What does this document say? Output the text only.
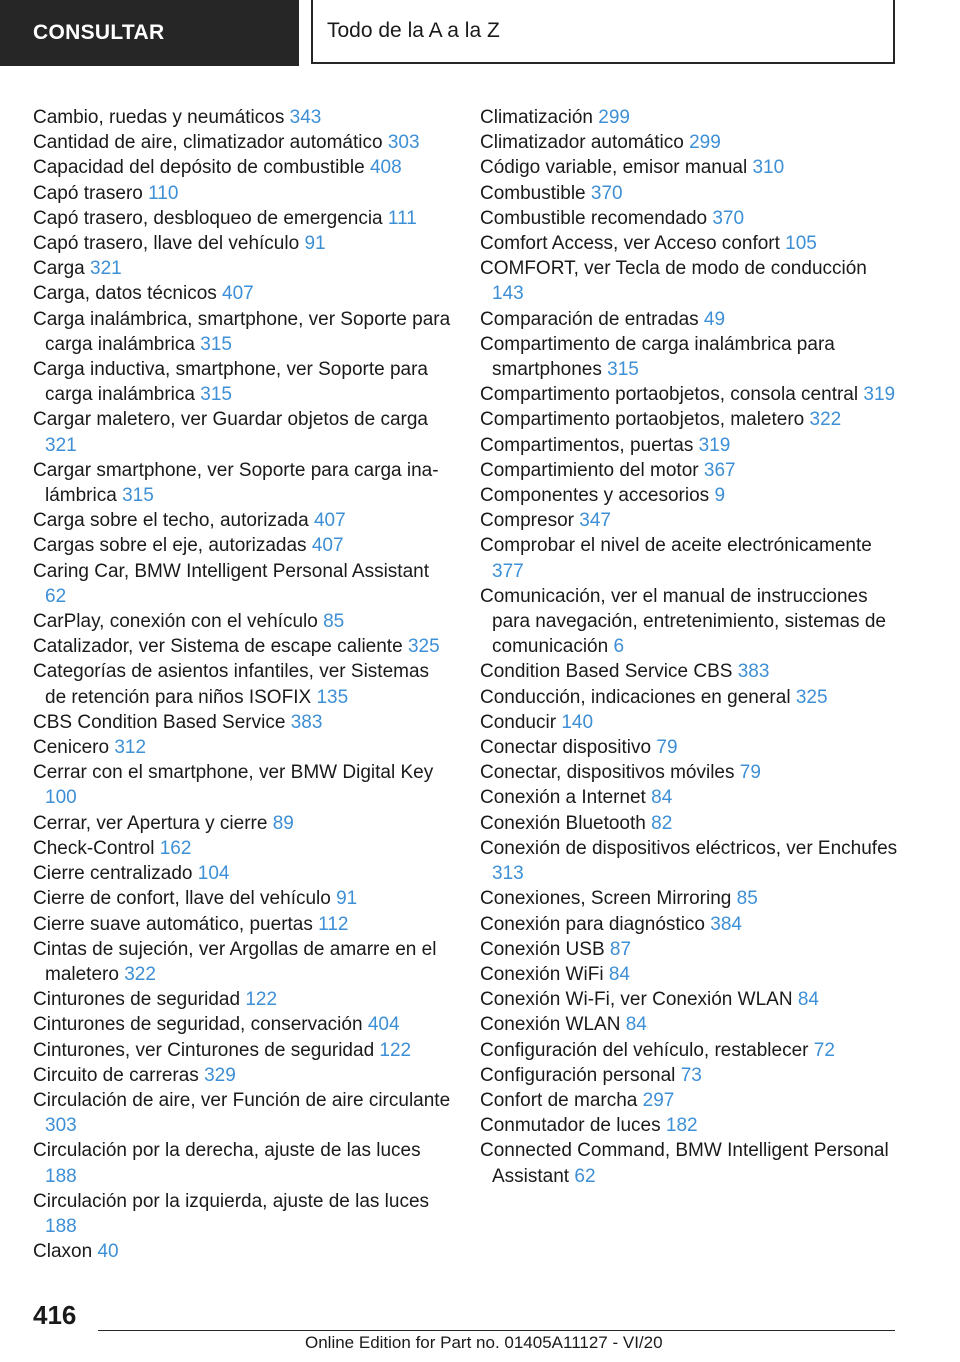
CONSULTAR	Todo de la A a la Z
Cambio, ruedas y neumáticos 343
Cantidad de aire, climatizador automático 303
Capacidad del depósito de combustible 408
Capó trasero 110
Capó trasero, desbloqueo de emergencia 111
Capó trasero, llave del vehículo 91
Carga 321
Carga, datos técnicos 407
Carga inalámbrica, smartphone, ver Soporte para carga inalámbrica 315
Carga inductiva, smartphone, ver Soporte para carga inalámbrica 315
Cargar maletero, ver Guardar objetos de carga 321
Cargar smartphone, ver Soporte para carga inalámbrica 315
Carga sobre el techo, autorizada 407
Cargas sobre el eje, autorizadas 407
Caring Car, BMW Intelligent Personal Assistant 62
CarPlay, conexión con el vehículo 85
Catalizador, ver Sistema de escape caliente 325
Categorías de asientos infantiles, ver Sistemas de retención para niños ISOFIX 135
CBS Condition Based Service 383
Cenicero 312
Cerrar con el smartphone, ver BMW Digital Key 100
Cerrar, ver Apertura y cierre 89
Check-Control 162
Cierre centralizado 104
Cierre de confort, llave del vehículo 91
Cierre suave automático, puertas 112
Cintas de sujeción, ver Argollas de amarre en el maletero 322
Cinturones de seguridad 122
Cinturones de seguridad, conservación 404
Cinturones, ver Cinturones de seguridad 122
Circuito de carreras 329
Circulación de aire, ver Función de aire circulante 303
Circulación por la derecha, ajuste de las luces 188
Circulación por la izquierda, ajuste de las luces 188
Claxon 40
Climatización 299
Climatizador automático 299
Código variable, emisor manual 310
Combustible 370
Combustible recomendado 370
Comfort Access, ver Acceso confort 105
COMFORT, ver Tecla de modo de conducción 143
Comparación de entradas 49
Compartimento de carga inalámbrica para smartphones 315
Compartimento portaobjetos, consola central 319
Compartimento portaobjetos, maletero 322
Compartimentos, puertas 319
Compartimiento del motor 367
Componentes y accesorios 9
Compresor 347
Comprobar el nivel de aceite electrónicamente 377
Comunicación, ver el manual de instrucciones para navegación, entretenimiento, sistemas de comunicación 6
Condition Based Service CBS 383
Conducción, indicaciones en general 325
Conducir 140
Conectar dispositivo 79
Conectar, dispositivos móviles 79
Conexión a Internet 84
Conexión Bluetooth 82
Conexión de dispositivos eléctricos, ver Enchufes 313
Conexiones, Screen Mirroring 85
Conexión para diagnóstico 384
Conexión USB 87
Conexión WiFi 84
Conexión Wi-Fi, ver Conexión WLAN 84
Conexión WLAN 84
Configuración del vehículo, restablecer 72
Configuración personal 73
Confort de marcha 297
Conmutador de luces 182
Connected Command, BMW Intelligent Personal Assistant 62
416
Online Edition for Part no. 01405A11127 - VI/20
